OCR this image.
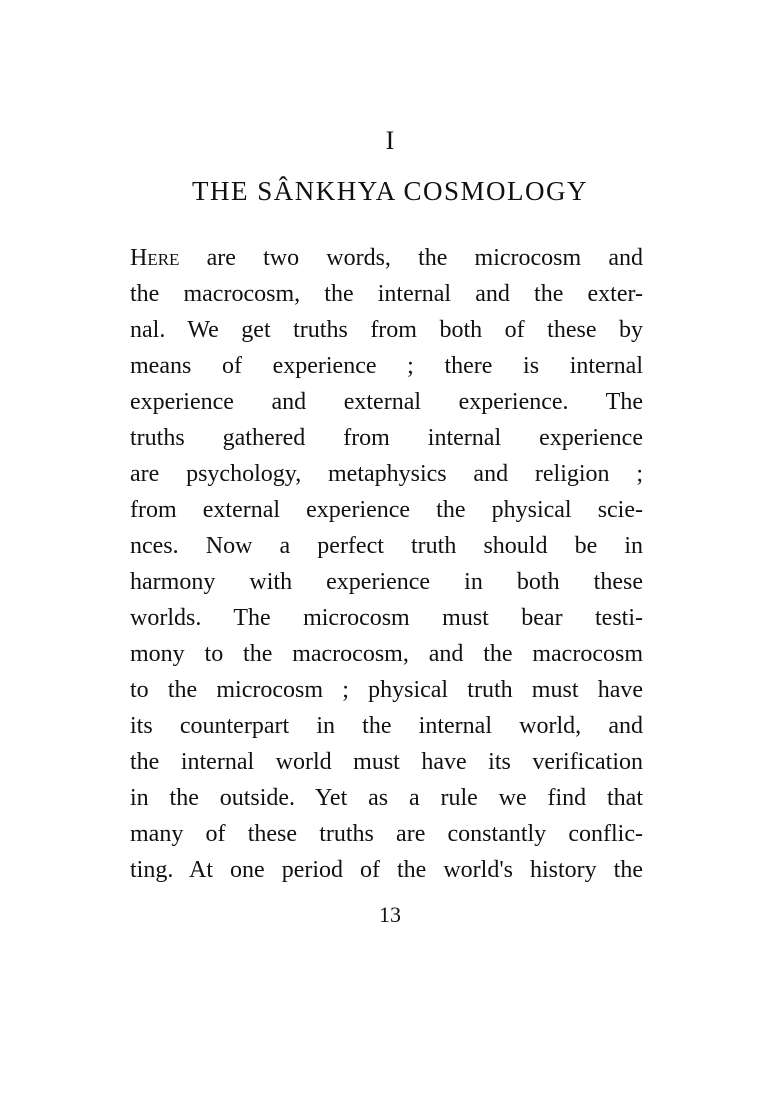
I
THE SÂNKHYA COSMOLOGY
Here are two words, the microcosm and
the macrocosm, the internal and the exter-
nal. We get truths from both of these by
means of experience ; there is internal
experience and external experience. The
truths gathered from internal experience
are psychology, metaphysics and religion ;
from external experience the physical scie-
nces. Now a perfect truth should be in
harmony with experience in both these
worlds. The microcosm must bear testi-
mony to the macrocosm, and the macrocosm
to the microcosm ; physical truth must have
its counterpart in the internal world, and
the internal world must have its verification
in the outside. Yet as a rule we find that
many of these truths are constantly conflic-
ting. At one period of the world's history the
13
